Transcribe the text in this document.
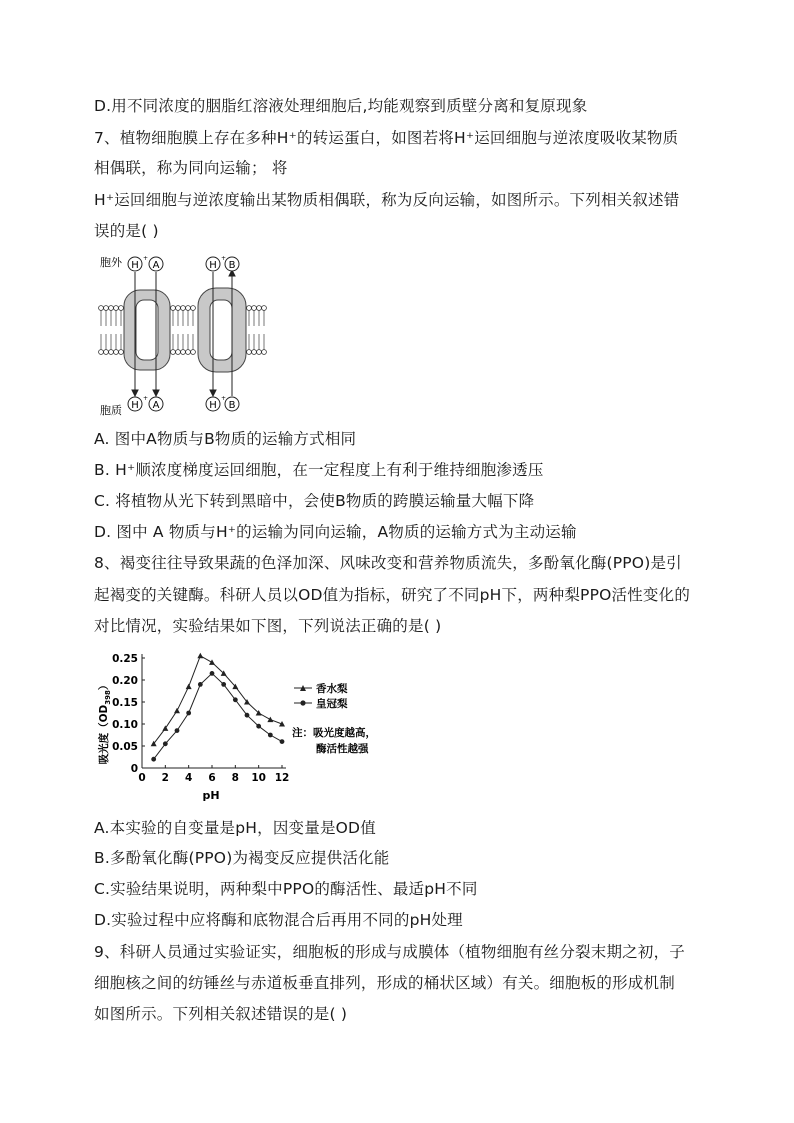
D.用不同浓度的胭脂红溶液处理细胞后,均能观察到质壁分离和复原现象
7、植物细胞膜上存在多种H⁺的转运蛋白，如图若将H⁺运回细胞与逆浓度吸收某物质
相偶联，称为同向运输； 将
H⁺运回细胞与逆浓度输出某物质相偶联，称为反向运输，如图所示。下列相关叙述错
误的是( )
胞外
胞质
H
+
A	H
+
B
H
+
A	H
+
B
A. 图中A物质与B物质的运输方式相同
B. H⁺顺浓度梯度运回细胞，在一定程度上有利于维持细胞渗透压
C. 将植物从光下转到黑暗中，会使B物质的跨膜运输量大幅下降
D. 图中 A 物质与H⁺的运输为同向运输，A物质的运输方式为主动运输
8、褐变往往导致果蔬的色泽加深、风味改变和营养物质流失，多酚氧化酶(PPO)是引
起褐变的关键酶。科研人员以OD值为指标，研究了不同pH下，两种梨PPO活性变化的
对比情况，实验结果如下图，下列说法正确的是( )
0 2 4 6 8 10 12
0
0.05
0.10
0.15
0.20
0.25
吸光度$(OD_{398})$
pH
香水梨
皇冠梨
注：吸光度越高，
酶活性越强
A.本实验的自变量是pH，因变量是OD值
B.多酚氧化酶(PPO)为褐变反应提供活化能
C.实验结果说明，两种梨中PPO的酶活性、最适pH不同
D.实验过程中应将酶和底物混合后再用不同的pH处理
9、科研人员通过实验证实，细胞板的形成与成膜体（植物细胞有丝分裂末期之初，子
细胞核之间的纺锤丝与赤道板垂直排列，形成的桶状区域）有关。细胞板的形成机制
如图所示。下列相关叙述错误的是( )
